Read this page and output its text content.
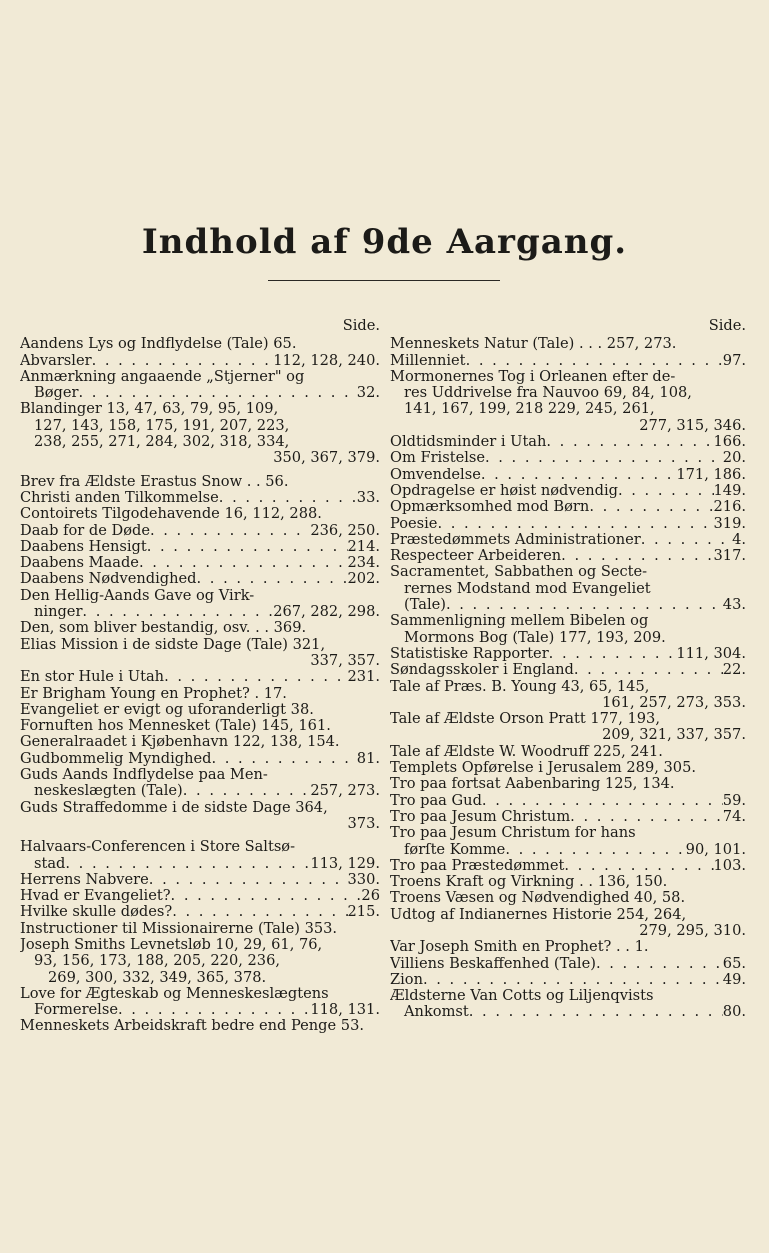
Indhold af 9de Aargang.
Side.
Aandens Lys og Indflydelse (Tale) 65.
Abvarsler . . .	112, 128, 240.
Anmærkning angaaende „Stjerner" og
Bøger . . .	32.
Blandinger 13, 47, 63, 79, 95, 109,
127, 143, 158, 175, 191, 207, 223,
238, 255, 271, 284, 302, 318, 334,
350, 367, 379.
Brev fra Ældste Erastus Snow . . 56.
Christi anden Tilkommelse . . .	33.
Contoirets Tilgodehavende 16, 112, 288.
Daab for de Døde . . .	236, 250.
Daabens Hensigt . . .	214.
Daabens Maade . . .	234.
Daabens Nødvendighed . . .	202.
Den Hellig-Aands Gave og Virk-
ninger . . .	267, 282, 298.
Den, som bliver bestandig, osv. . . 369.
Elias Mission i de sidste Dage (Tale) 321,
337, 357.
En stor Hule i Utah . . .	231.
Er Brigham Young en Prophet? . 17.
Evangeliet er evigt og uforanderligt 38.
Fornuften hos Mennesket (Tale) 145, 161.
Generalraadet i Kjøbenhavn 122, 138, 154.
Gudbommelig Myndighed . . .	81.
Guds Aands Indflydelse paa Men-
neskeslægten (Tale) . . .	257, 273.
Guds Straffedomme i de sidste Dage 364,
373.
Halvaars-Conferencen i Store Saltsø-
stad . . .	113, 129.
Herrens Nabvere . . .	330.
Hvad er Evangeliet? . . .	26
Hvilke skulle dødes? . . .	215.
Instructioner til Missionairerne (Tale) 353.
Joseph Smiths Levnetsløb 10, 29, 61, 76,
93, 156, 173, 188, 205, 220, 236,
269, 300, 332, 349, 365, 378.
Love for Ægteskab og Menneskeslægtens
Formerelse . . .	118, 131.
Menneskets Arbeidskraft bedre end Penge 53.
Side.
Menneskets Natur (Tale) . . . 257, 273.
Millenniet . . .	97.
Mormonernes Tog i Orleanen efter de-
res Uddrivelse fra Nauvoo 69, 84, 108,
141, 167, 199, 218 229, 245, 261,
277, 315, 346.
Oldtidsminder i Utah . . .	166.
Om Fristelse . . .	20.
Omvendelse . . .	171, 186.
Opdragelse er høist nødvendig . . .	149.
Opmærksomhed mod Børn . . .	216.
Poesie . . .	319.
Præstedømmets Administrationer . . .	4.
Respecteer Arbeideren . . .	317.
Sacramentet, Sabbathen og Secte-
rernes Modstand mod Evangeliet
(Tale) . . .	43.
Sammenligning mellem Bibelen og
Mormons Bog (Tale) 177, 193, 209.
Statistiske Rapporter . . .	111, 304.
Søndagsskoler i England . . .	22.
Tale af Præs. B. Young 43, 65, 145,
161, 257, 273, 353.
Tale af Ældste Orson Pratt 177, 193,
209, 321, 337, 357.
Tale af Ældste W. Woodruff 225, 241.
Templets Opførelse i Jerusalem 289, 305.
Tro paa fortsat Aabenbaring 125, 134.
Tro paa Gud . . .	59.
Tro paa Jesum Christum . . .	74.
Tro paa Jesum Christum for hans
førſte Komme . . .	90, 101.
Tro paa Præstedømmet . . .	103.
Troens Kraft og Virkning . . 136, 150.
Troens Væsen og Nødvendighed 40, 58.
Udtog af Indianernes Historie 254, 264,
279, 295, 310.
Var Joseph Smith en Prophet? . . 1.
Villiens Beskaffenhed (Tale) . . .	65.
Zion . . .	49.
Ældsterne Van Cotts og Liljenqvists
Ankomst . . .	80.
